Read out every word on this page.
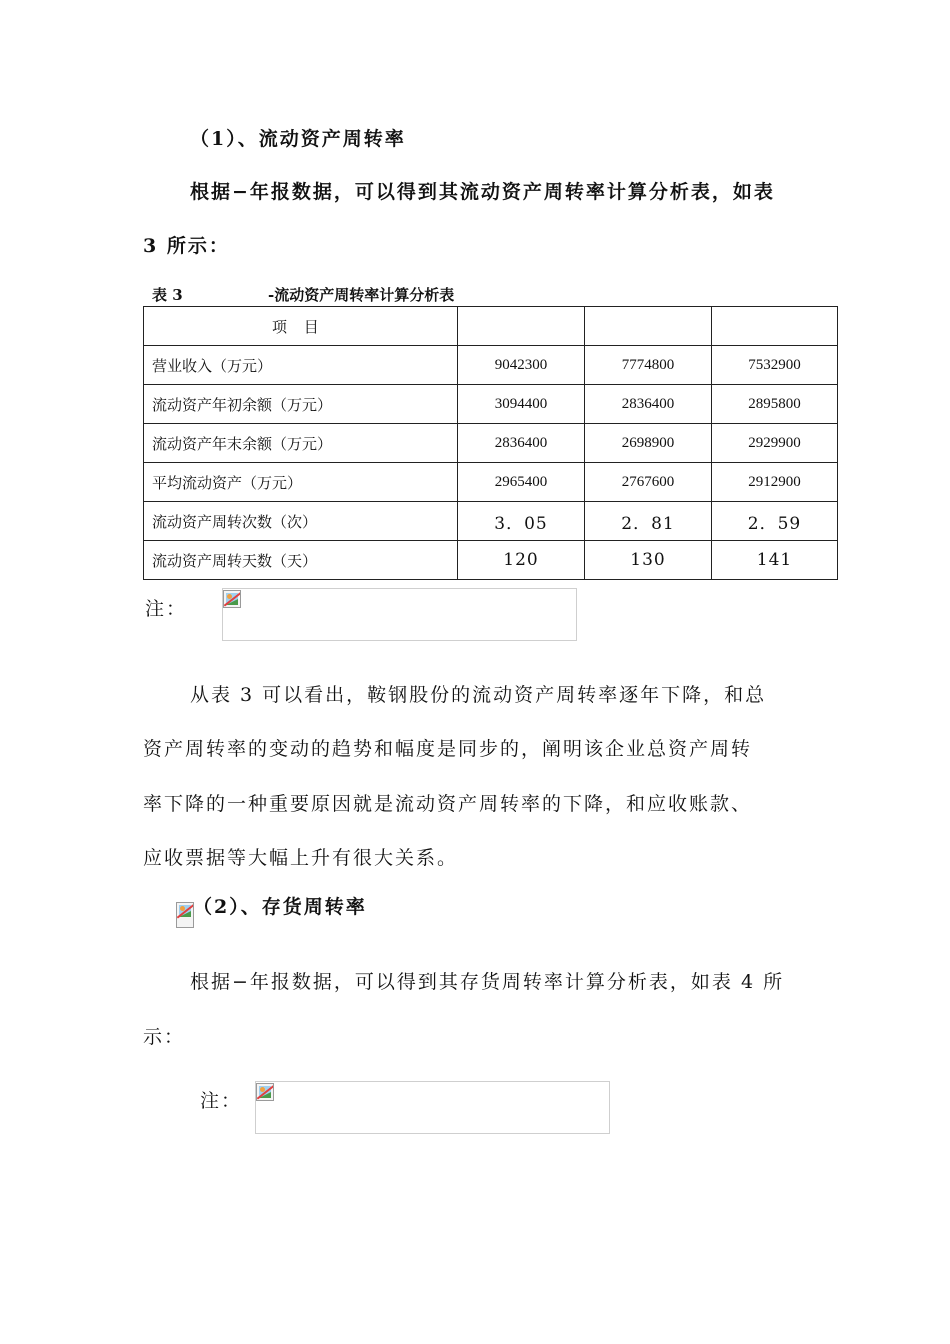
（1）、流动资产周转率
根据−年报数据，可以得到其流动资产周转率计算分析表，如表
3 所示：
表 3	-流动资产周转率计算分析表
项 目			
营业收入（万元）	9042300	7774800	7532900
流动资产年初余额（万元）	3094400	2836400	2895800
流动资产年末余额（万元）	2836400	2698900	2929900
平均流动资产（万元）	2965400	2767600	2912900
流动资产周转次数（次）	3．05	2．81	2．59
流动资产周转天数（天）	120	130	141
注：
从表 3 可以看出，鞍钢股份的流动资产周转率逐年下降，和总
资产周转率的变动的趋势和幅度是同步的，阐明该企业总资产周转
率下降的一种重要原因就是流动资产周转率的下降，和应收账款、
应收票据等大幅上升有很大关系。
（2）、存货周转率
根据−年报数据，可以得到其存货周转率计算分析表，如表 4 所
示：
注：
